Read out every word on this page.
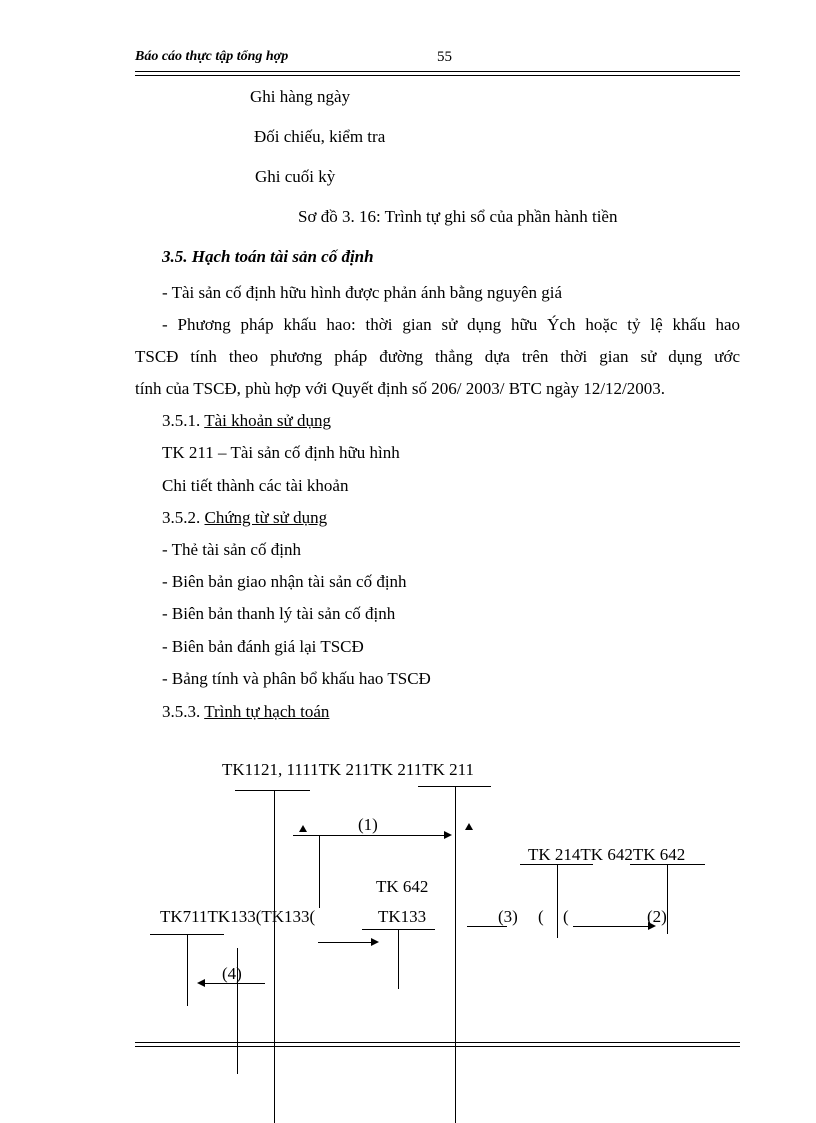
Báo cáo thực tập tổng hợp	55
Ghi hàng ngày
Đối chiếu, kiểm tra
Ghi cuối kỳ
Sơ đồ 3. 16: Trình tự ghi sổ của phần hành tiền
3.5. Hạch toán tài sản cố định
- Tài sản cố định hữu hình được phản ánh bằng nguyên giá
- Phương pháp khấu hao: thời gian sử dụng hữu Ých hoặc tỷ lệ khấu hao
TSCĐ tính theo phương pháp đường thẳng dựa trên thời gian sử dụng ước
tính của TSCĐ, phù hợp với Quyết định số 206/ 2003/ BTC ngày 12/12/2003.
3.5.1. Tài khoản sử dụng
TK 211 – Tài sản cố định hữu hình
Chi tiết thành các tài khoản
3.5.2. Chứng từ sử dụng
- Thẻ tài sản cố định
- Biên bản giao nhận tài sản cố định
- Biên bản thanh lý tài sản cố định
- Biên bản đánh giá lại TSCĐ
- Bảng tính và phân bổ khấu hao TSCĐ
3.5.3. Trình tự hạch toán
TK1121, 1111TK 211TK 211TK 211
(1)
TK 214TK 642TK 642
TK 642
TK711TK133(TK133(	TK133	(3) ( (	(2)
(4)
